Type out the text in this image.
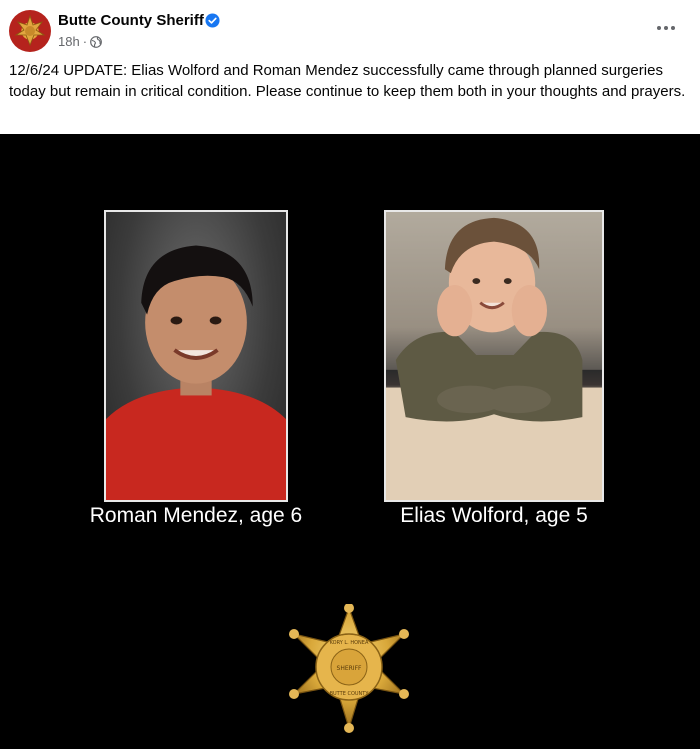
Butte County Sheriff
18h ·
12/6/24 UPDATE: Elias Wolford and Roman Mendez successfully came through planned surgeries today but remain in critical condition. Please continue to keep them both in your thoughts and prayers.
Roman Mendez, age 6	Elias Wolford, age 5
SHERIFF
KORY L. HONEA
BUTTE COUNTY
